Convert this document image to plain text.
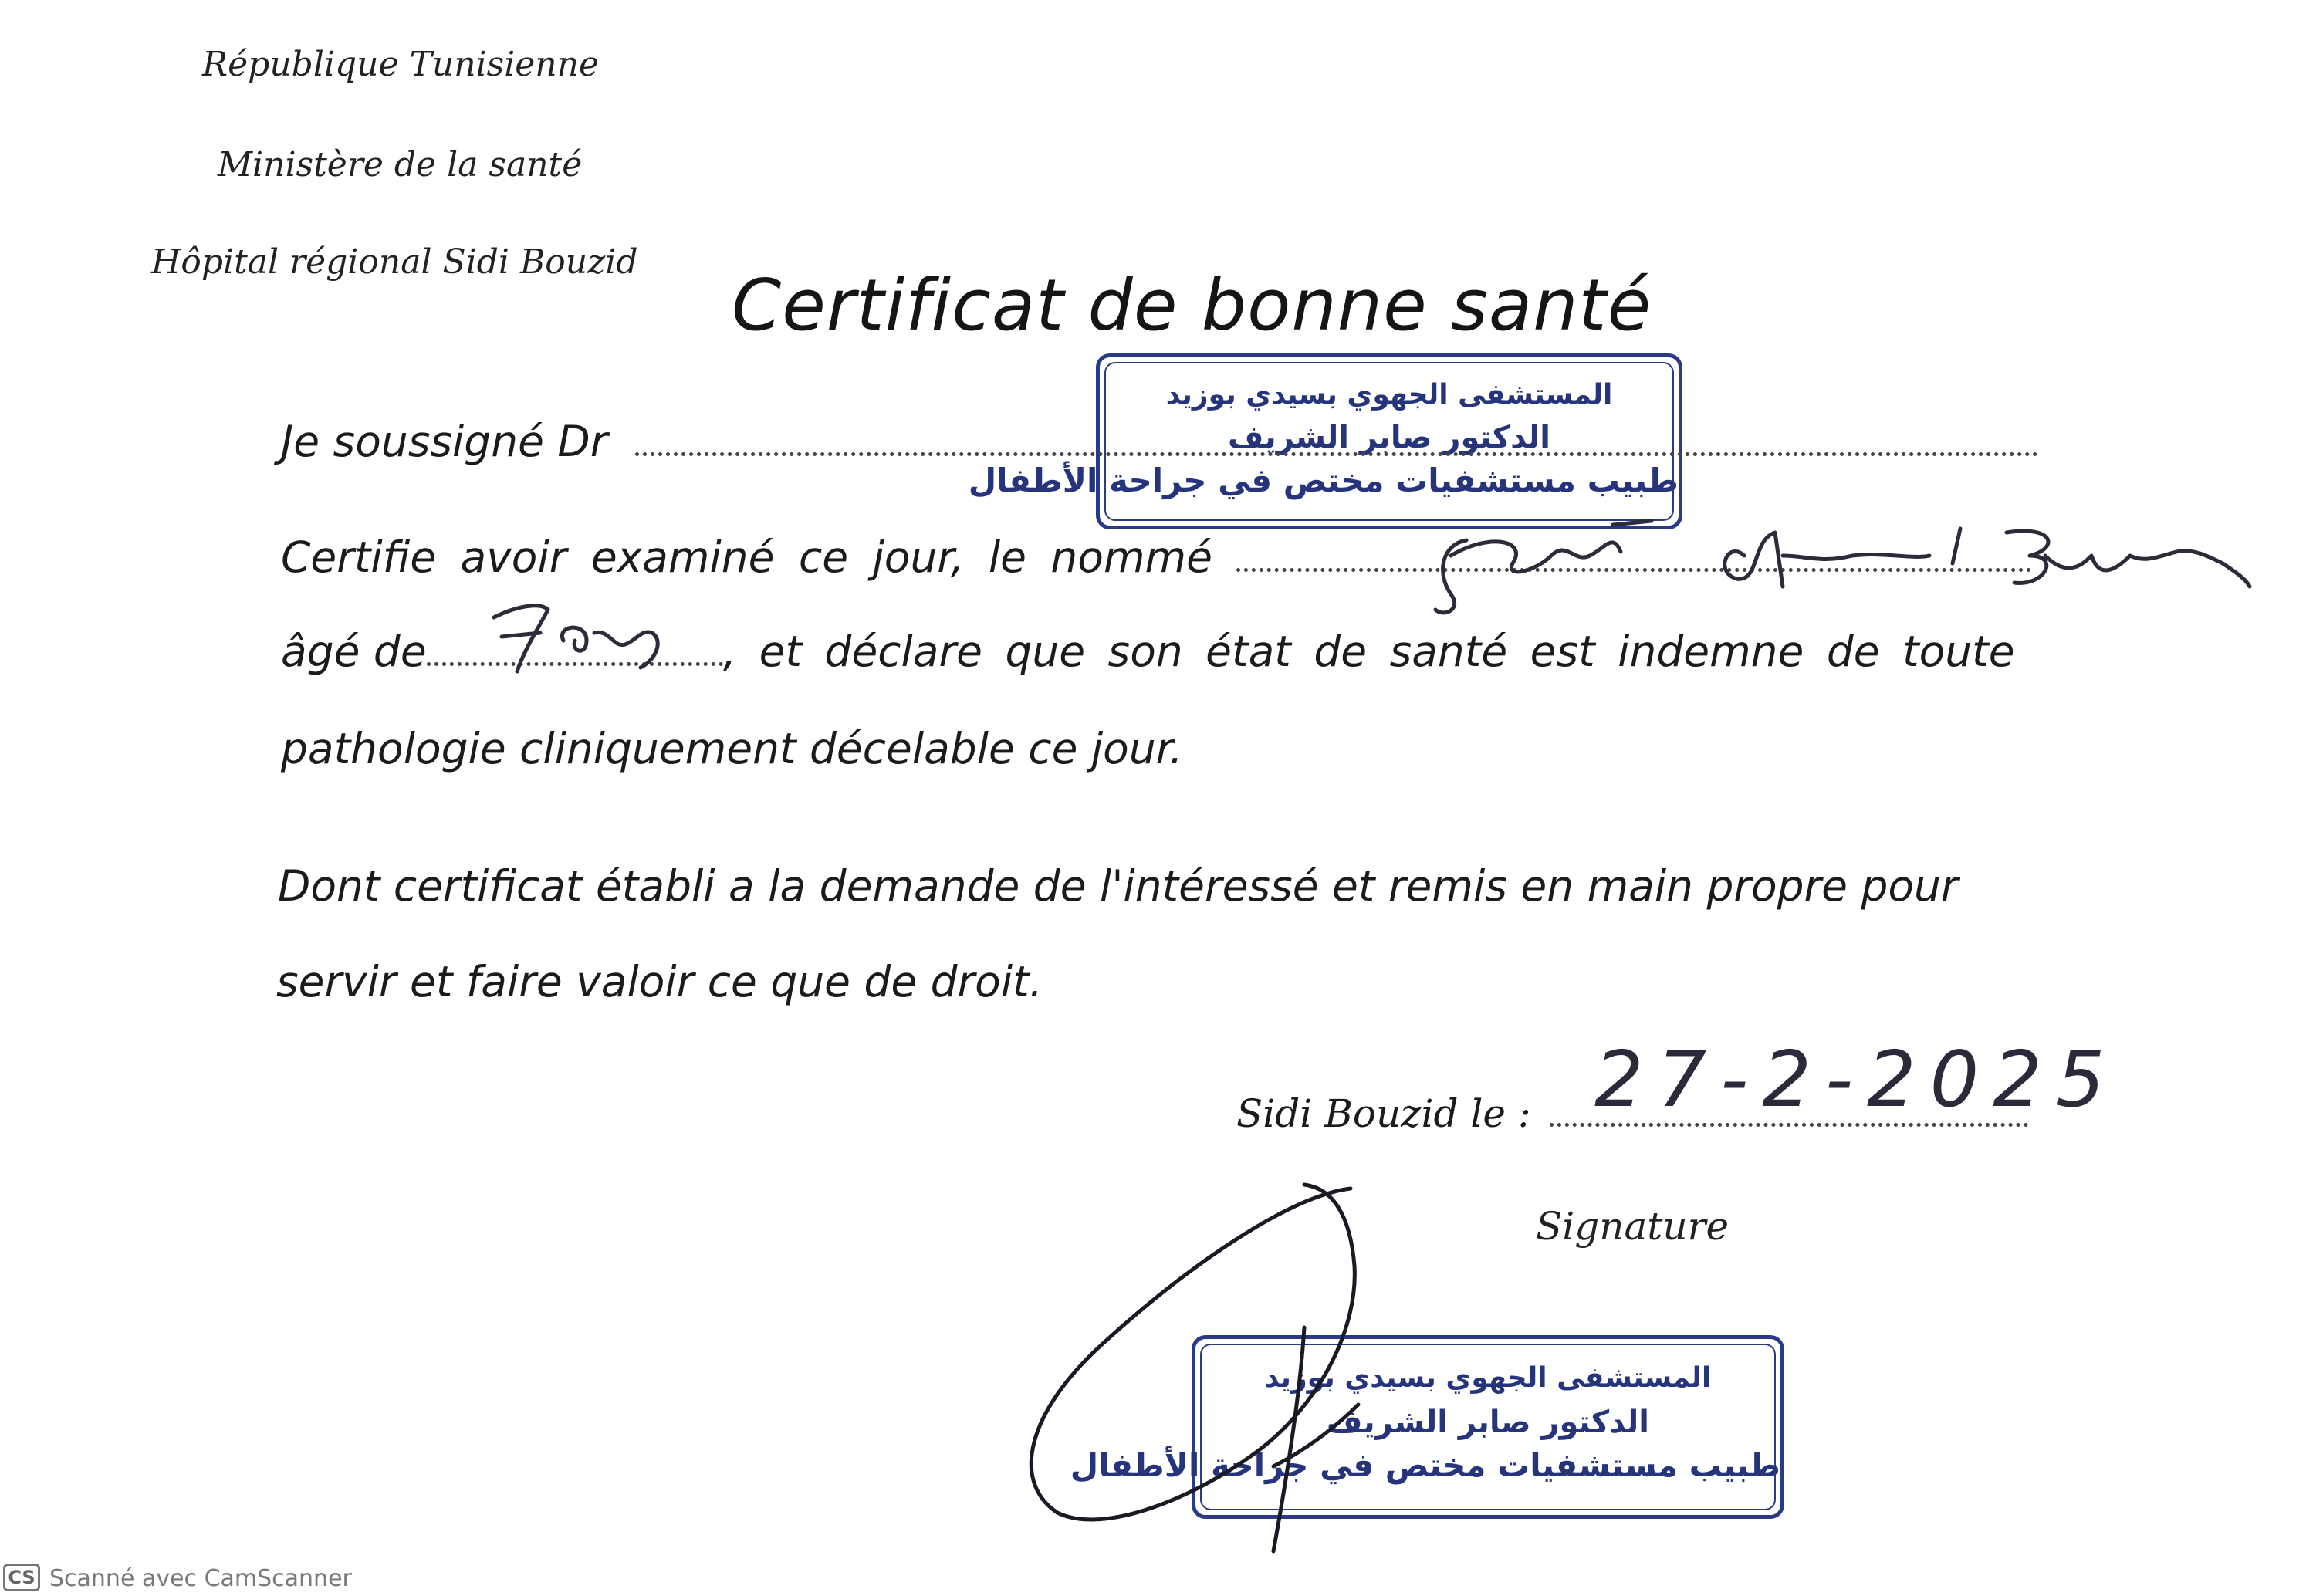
République Tunisienne
Ministère de la santé
Hôpital régional Sidi Bouzid
Certificat de bonne santé
المستشفى الجهوي بسيدي بوزيد
الدكتور صابر الشريف
طبيب مستشفيات مختص في جراحة الأطفال
Je soussigné Dr
Certifie avoir examiné ce jour, le nommé
âgé de	, et déclare que son état de santé est indemne de toute
pathologie cliniquement décelable ce jour.
Dont certificat établi a la demande de l'intéressé et remis en main propre pour
servir et faire valoir ce que de droit.
Sidi Bouzid le : 27-2-2025
Signature
المستشفى الجهوي بسيدي بوزيد
الدكتور صابر الشريف
طبيب مستشفيات مختص في جراحة الأطفال
CS Scanné avec CamScanner
